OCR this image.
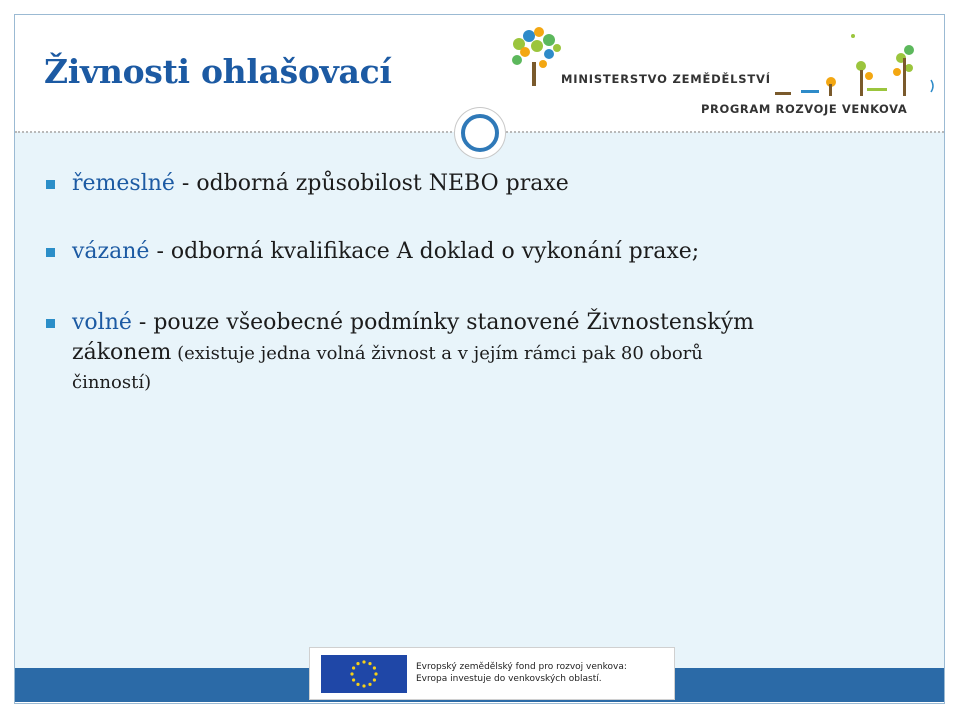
Živnosti ohlašovací	MINISTERSTVO ZEMĚDĚLSTVÍ
PROGRAM ROZVOJE VENKOVA
řemeslné - odborná způsobilost NEBO praxe
vázané - odborná kvalifikace A doklad o vykonání praxe;
volné - pouze všeobecné podmínky stanovené Živnostenským
zákonem (existuje jedna volná živnost a v jejím rámci pak 80 oborů
činností)
Evropský zemědělský fond pro rozvoj venkova:
Evropa investuje do venkovských oblastí.
